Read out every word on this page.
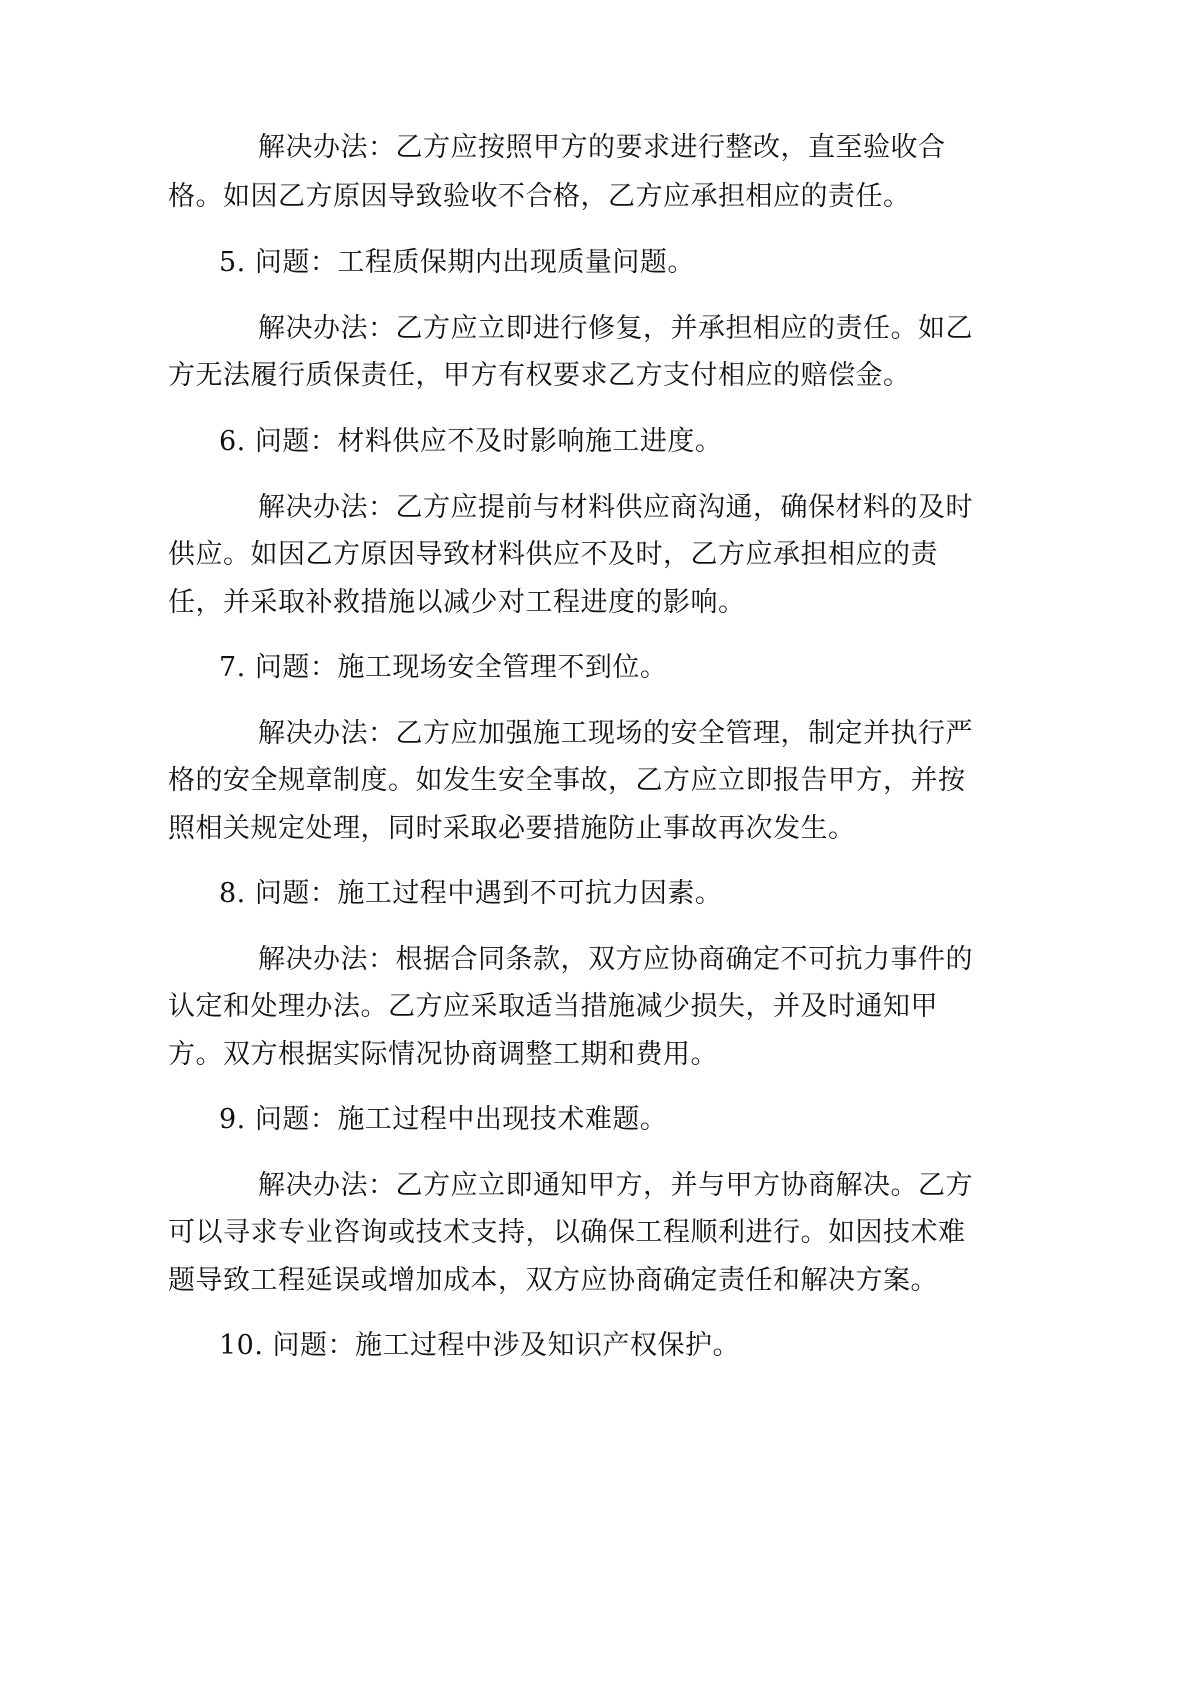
解决办法：乙方应按照甲方的要求进行整改，直至验收合
格。如因乙方原因导致验收不合格，乙方应承担相应的责任。
5. 问题：工程质保期内出现质量问题。
解决办法：乙方应立即进行修复，并承担相应的责任。如乙
方无法履行质保责任，甲方有权要求乙方支付相应的赔偿金。
6. 问题：材料供应不及时影响施工进度。
解决办法：乙方应提前与材料供应商沟通，确保材料的及时
供应。如因乙方原因导致材料供应不及时，乙方应承担相应的责
任，并采取补救措施以减少对工程进度的影响。
7. 问题：施工现场安全管理不到位。
解决办法：乙方应加强施工现场的安全管理，制定并执行严
格的安全规章制度。如发生安全事故，乙方应立即报告甲方，并按
照相关规定处理，同时采取必要措施防止事故再次发生。
8. 问题：施工过程中遇到不可抗力因素。
解决办法：根据合同条款，双方应协商确定不可抗力事件的
认定和处理办法。乙方应采取适当措施减少损失，并及时通知甲
方。双方根据实际情况协商调整工期和费用。
9. 问题：施工过程中出现技术难题。
解决办法：乙方应立即通知甲方，并与甲方协商解决。乙方
可以寻求专业咨询或技术支持，以确保工程顺利进行。如因技术难
题导致工程延误或增加成本，双方应协商确定责任和解决方案。
10. 问题：施工过程中涉及知识产权保护。
